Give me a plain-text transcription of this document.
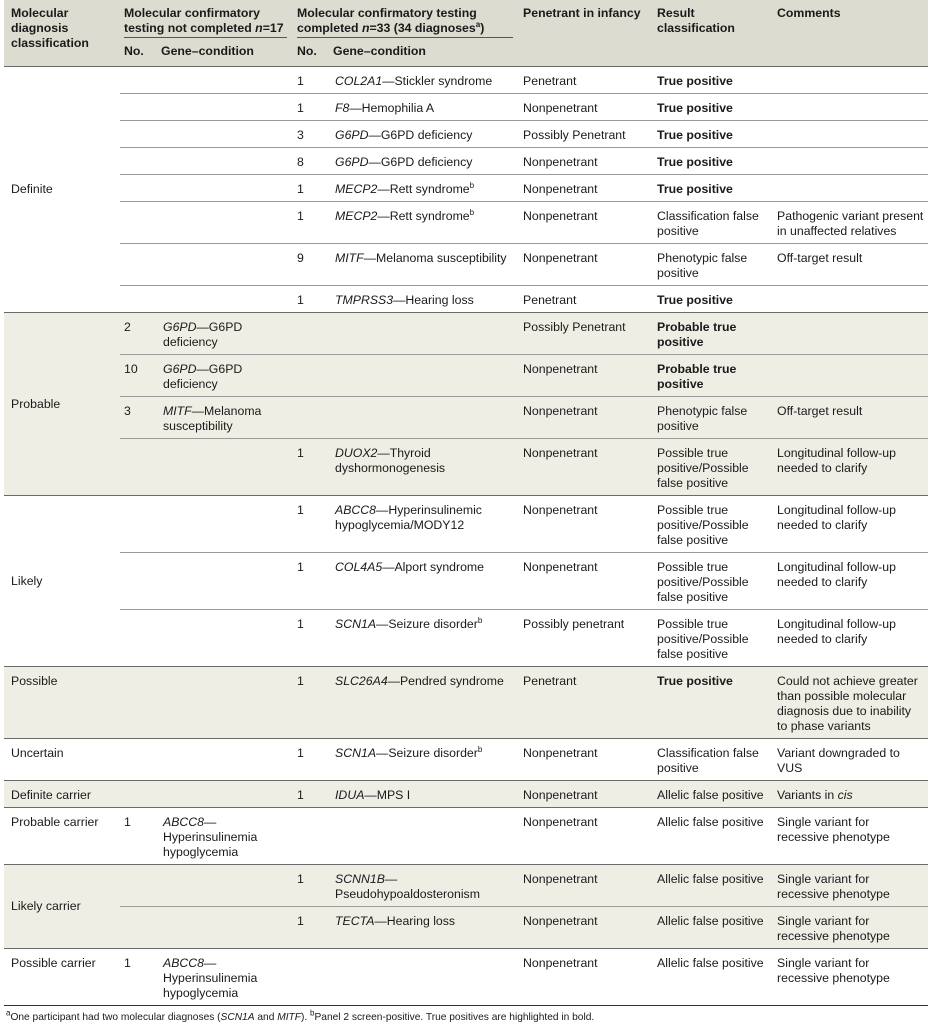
Molecular diagnosis classification	Molecular confirmatory testing not completed n=17		Molecular confirmatory testing completed n=33 (34 diagnoses$^a$)		Penetrant in infancy	Result classification	Comments
	No.	Gene–condition	No.	Gene–condition			
Definite			1	COL2A1—Stickler syndrome	Penetrant	True positive	
			1	F8—Hemophilia A	Nonpenetrant	True positive	
			3	G6PD—G6PD deficiency	Possibly Penetrant	True positive	
			8	G6PD—G6PD deficiency	Nonpenetrant	True positive	
			1	MECP2—Rett syndrome$^b$	Nonpenetrant	True positive	
			1	MECP2—Rett syndrome$^b$	Nonpenetrant	Classification false positive	Pathogenic variant present in unaffected relatives
			9	MITF—Melanoma susceptibility	Nonpenetrant	Phenotypic false positive	Off-target result
			1	TMPRSS3—Hearing loss	Penetrant	True positive	
Probable	2	G6PD—G6PD deficiency			Possibly Penetrant	Probable true positive	
	10	G6PD—G6PD deficiency			Nonpenetrant	Probable true positive	
	3	MITF—Melanoma susceptibility			Nonpenetrant	Phenotypic false positive	Off-target result
			1	DUOX2—Thyroid dyshormonogenesis	Nonpenetrant	Possible true positive/Possible false positive	Longitudinal follow-up needed to clarify
Likely			1	ABCC8—Hyperinsulinemic hypoglycemia/MODY12	Nonpenetrant	Possible true positive/Possible false positive	Longitudinal follow-up needed to clarify
			1	COL4A5—Alport syndrome	Nonpenetrant	Possible true positive/Possible false positive	Longitudinal follow-up needed to clarify
			1	SCN1A—Seizure disorder$^b$	Possibly penetrant	Possible true positive/Possible false positive	Longitudinal follow-up needed to clarify
Possible			1	SLC26A4—Pendred syndrome	Penetrant	True positive	Could not achieve greater than possible molecular diagnosis due to inability to phase variants
Uncertain			1	SCN1A—Seizure disorder$^b$	Nonpenetrant	Classification false positive	Variant downgraded to VUS
Definite carrier			1	IDUA—MPS I	Nonpenetrant	Allelic false positive	Variants in cis
Probable carrier	1	ABCC8—Hyperinsulinemia hypoglycemia			Nonpenetrant	Allelic false positive	Single variant for recessive phenotype
Likely carrier			1	SCNN1B—Pseudohypoaldosteronism	Nonpenetrant	Allelic false positive	Single variant for recessive phenotype
			1	TECTA—Hearing loss	Nonpenetrant	Allelic false positive	Single variant for recessive phenotype
Possible carrier	1	ABCC8—Hyperinsulinemia hypoglycemia			Nonpenetrant	Allelic false positive	Single variant for recessive phenotype
$^a$One participant had two molecular diagnoses (SCN1A and MITF). $^b$Panel 2 screen-positive. True positives are highlighted in bold.
